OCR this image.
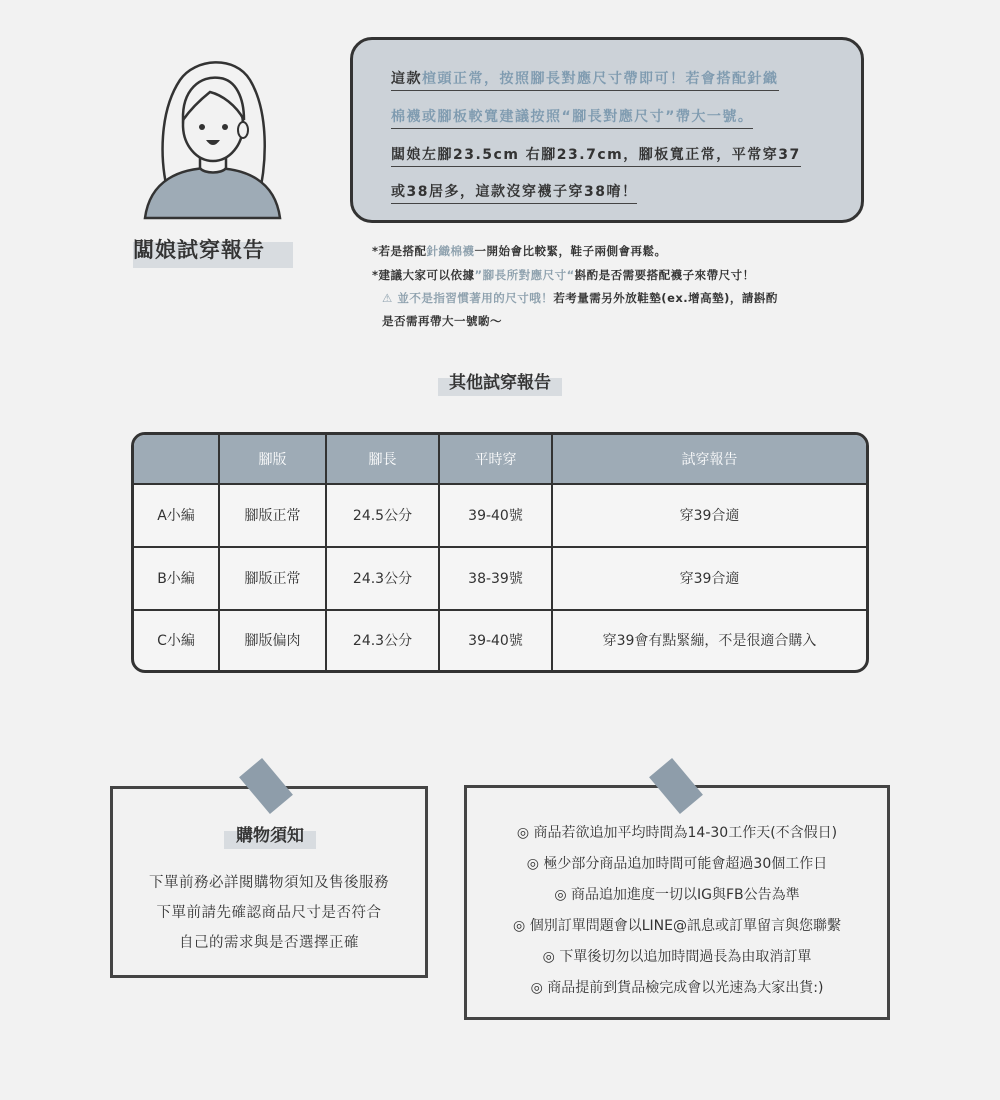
闆娘試穿報告
這款楦頭正常，按照腳長對應尺寸帶即可！若會搭配針織
棉襪或腳板較寬建議按照“腳長對應尺寸”帶大一號。
闆娘左腳23.5cm 右腳23.7cm，腳板寬正常，平常穿37
或38居多，這款沒穿襪子穿38唷！
*若是搭配針織棉襪一開始會比較緊，鞋子兩側會再鬆。
*建議大家可以依據”腳長所對應尺寸“斟酌是否需要搭配襪子來帶尺寸！
⚠ 並不是指習慣著用的尺寸哦！若考量需另外放鞋墊(ex.增高墊)，請斟酌
是否需再帶大一號喲～
其他試穿報告
	腳版	腳長	平時穿	試穿報告
A小編	腳版正常	24.5公分	39-40號	穿39合適
B小編	腳版正常	24.3公分	38-39號	穿39合適
C小編	腳版偏肉	24.3公分	39-40號	穿39會有點緊繃，不是很適合購入
購物須知
下單前務必詳閱購物須知及售後服務
下單前請先確認商品尺寸是否符合
自己的需求與是否選擇正確
◎ 商品若欲追加平均時間為14-30工作天(不含假日)
◎ 極少部分商品追加時間可能會超過30個工作日
◎ 商品追加進度一切以IG與FB公告為準
◎ 個別訂單問題會以LINE@訊息或訂單留言與您聯繫
◎ 下單後切勿以追加時間過長為由取消訂單
◎ 商品提前到貨品檢完成會以光速為大家出貨:)
